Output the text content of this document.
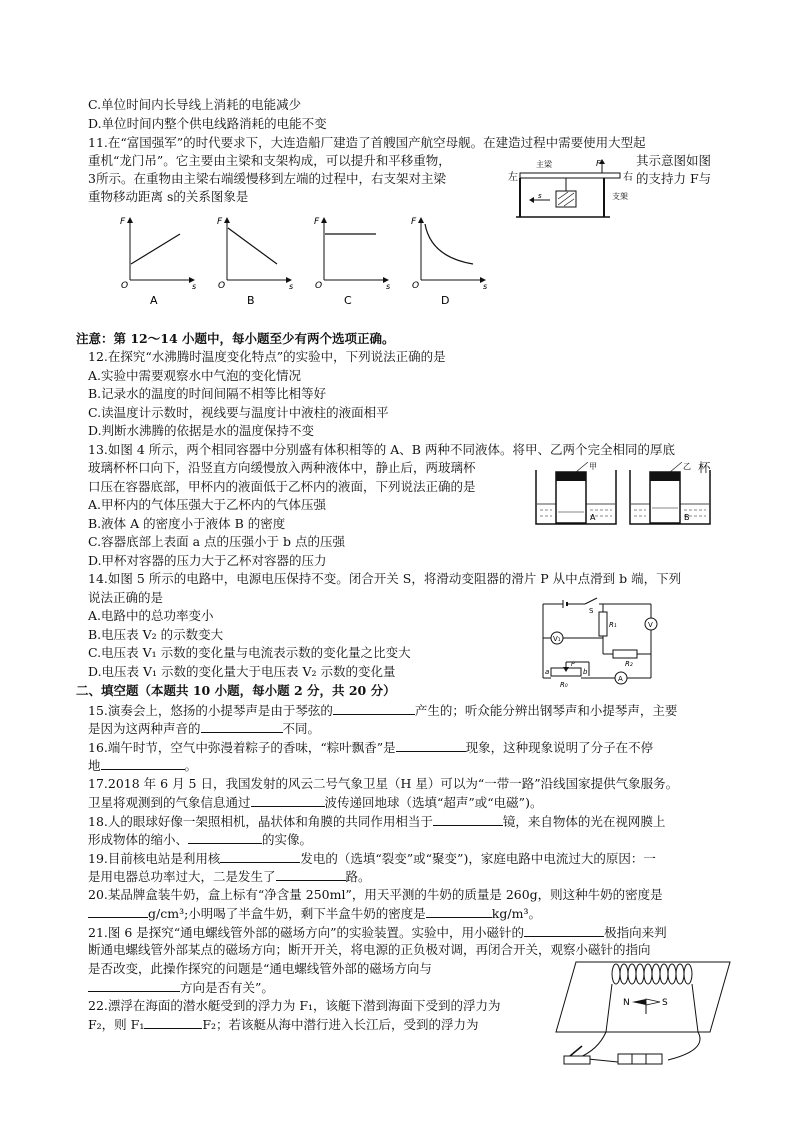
C.单位时间内长导线上消耗的电能减少
D.单位时间内整个供电线路消耗的电能不变
11.在“富国强军”的时代要求下，大连造船厂建造了首艘国产航空母舰。在建造过程中需要使用大型起
重机“龙门吊”。它主要由主梁和支架构成，可以提升和平移重物，	其示意图如图
3所示。在重物由主梁右端缓慢移到左端的过程中，右支架对主梁	的支持力 F与
重物移动距离 s的关系图象是
左	右
主梁	F
支架
s
F
O	s
A
F
O	s
B
F
O	s
C
F
O	s
D
注意：第 12～14 小题中，每小题至少有两个选项正确。
12.在探究“水沸腾时温度变化特点”的实验中，下列说法正确的是
A.实验中需要观察水中气泡的变化情况
B.记录水的温度的时间间隔不相等比相等好
C.读温度计示数时，视线要与温度计中液柱的液面相平
D.判断水沸腾的依据是水的温度保持不变
13.如图 4 所示，两个相同容器中分别盛有体积相等的 A、B 两种不同液体。将甲、乙两个完全相同的厚底
玻璃杯杯口向下，沿竖直方向缓慢放入两种液体中，静止后，两玻璃杯	杯
口压在容器底部，甲杯内的液面低于乙杯内的液面，下列说法正确的是
A.甲杯内的气体压强大于乙杯内的气体压强
B.液体 A 的密度小于液体 B 的密度
C.容器底部上表面 a 点的压强小于 b 点的压强
D.甲杯对容器的压力大于乙杯对容器的压力
A
甲
B
乙
14.如图 5 所示的电路中，电源电压保持不变。闭合开关 S，将滑动变阻器的滑片 P 从中点滑到 b 端，下列
说法正确的是
A.电路中的总功率变小
B.电压表 V₂ 的示数变大
C.电压表 V₁ 示数的变化量与电流表示数的变化量之比变大
D.电压表 V₁ 示数的变化量大于电压表 V₂ 示数的变化量
S
R₁
R₂
R₀
V₁
V
A
a	b
P
二、填空题（本题共 10 小题，每小题 2 分，共 20 分）
15.演奏会上，悠扬的小提琴声是由于琴弦的	产生的；听众能分辨出钢琴声和小提琴声，主要
是因为这两种声音的	不同。
16.端午时节，空气中弥漫着粽子的香味，“粽叶飘香”是	现象，这种现象说明了分子在不停
地	。
17.2018 年 6 月 5 日，我国发射的风云二号气象卫星（H 星）可以为“一带一路”沿线国家提供气象服务。
卫星将观测到的气象信息通过	波传递回地球（选填“超声”或“电磁”)。
18.人的眼球好像一架照相机，晶状体和角膜的共同作用相当于	镜，来自物体的光在视网膜上
形成物体的缩小、	的实像。
19.目前核电站是利用核	发电的（选填“裂变”或“聚变”)，家庭电路中电流过大的原因：一
是用电器总功率过大，二是发生了	路。
20.某品牌盒装牛奶，盒上标有“净含量 250ml”，用天平测的牛奶的质量是 260g，则这种牛奶的密度是
g/cm³;小明喝了半盒牛奶，剩下半盒牛奶的密度是	kg/m³。
21.图 6 是探究“通电螺线管外部的磁场方向”的实验装置。实验中，用小磁针的	极指向来判
断通电螺线管外部某点的磁场方向；断开开关，将电源的正负极对调，再闭合开关，观察小磁针的指向
是否改变，此操作探究的问题是“通电螺线管外部的磁场方向与
方向是否有关”。
22.漂浮在海面的潜水艇受到的浮力为 F₁，该艇下潜到海面下受到的浮力为
F₂，则 F₁	F₂；若该艇从海中潜行进入长江后，受到的浮力为
N	S
